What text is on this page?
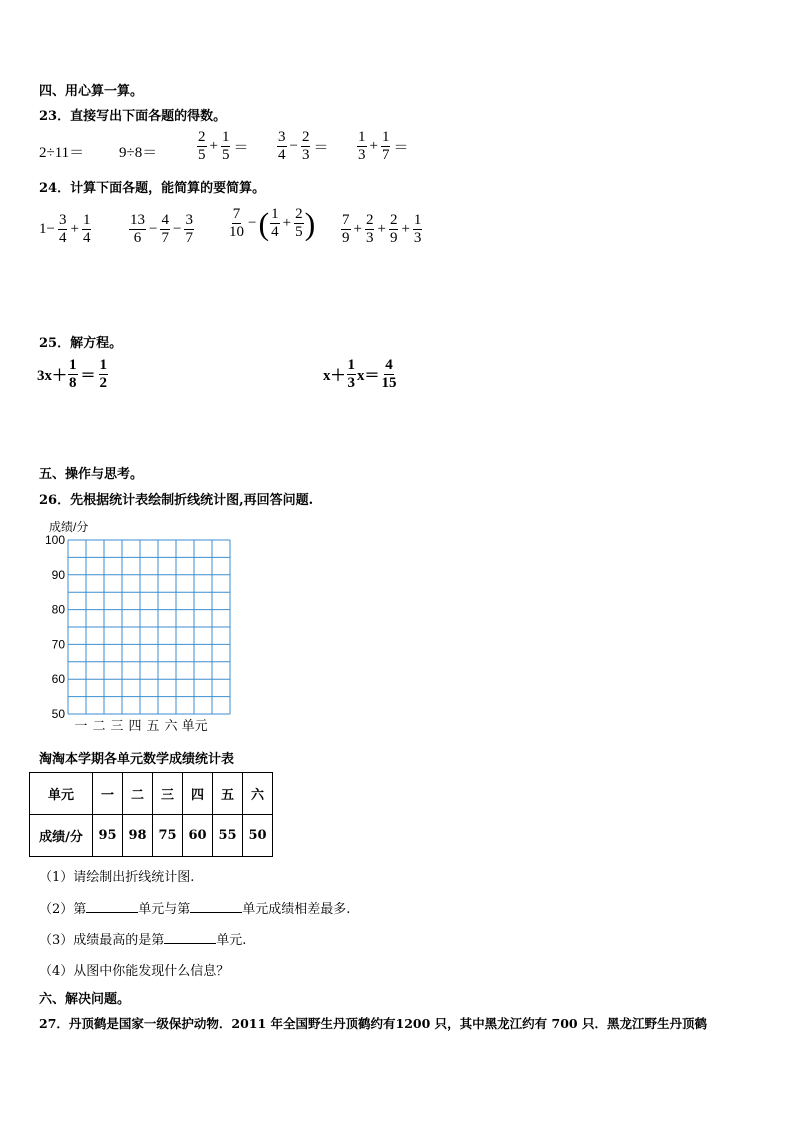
四、用心算一算。
23．直接写出下面各题的得数。
2÷11＝ 9÷8＝	$\frac{2}{5} + \frac{1}{5} = \frac{3}{4} - \frac{2}{3} = \frac{1}{3} + \frac{1}{7}$ ＝
24．计算下面各题，能简算的要简算。
$1- \frac{3}{4} + \frac{1}{4}$	$\frac{13}{6} - \frac{4}{7} - \frac{3}{7} \frac{7}{10}$ −( $\frac{1}{4} + \frac{2}{5}$ ) $\frac{7}{9} + \frac{2}{3} + \frac{2}{9} + \frac{1}{3}$
25．解方程。
$3x+ \frac{1}{8} = \frac{1}{2}$	$x+ \frac{1}{3} x= \frac{4}{15}$
五、操作与思考。
26．先根据统计表绘制折线统计图,再回答问题.
成绩/分
100
90
80
70
60
50
一 二 三 四 五 六 单元
淘淘本学期各单元数学成绩统计表
单元	一	二	三	四	五	六
成绩/分	95	98	75	60	55	50
（1）请绘制出折线统计图.
（2）第	单元与第	单元成绩相差最多.
（3）成绩最高的是第	单元.
（4）从图中你能发现什么信息？
六、解决问题。
27．丹顶鹤是国家一级保护动物．2011 年全国野生丹顶鹤约有1200 只，其中黑龙江约有 700 只．黑龙江野生丹顶鹤
